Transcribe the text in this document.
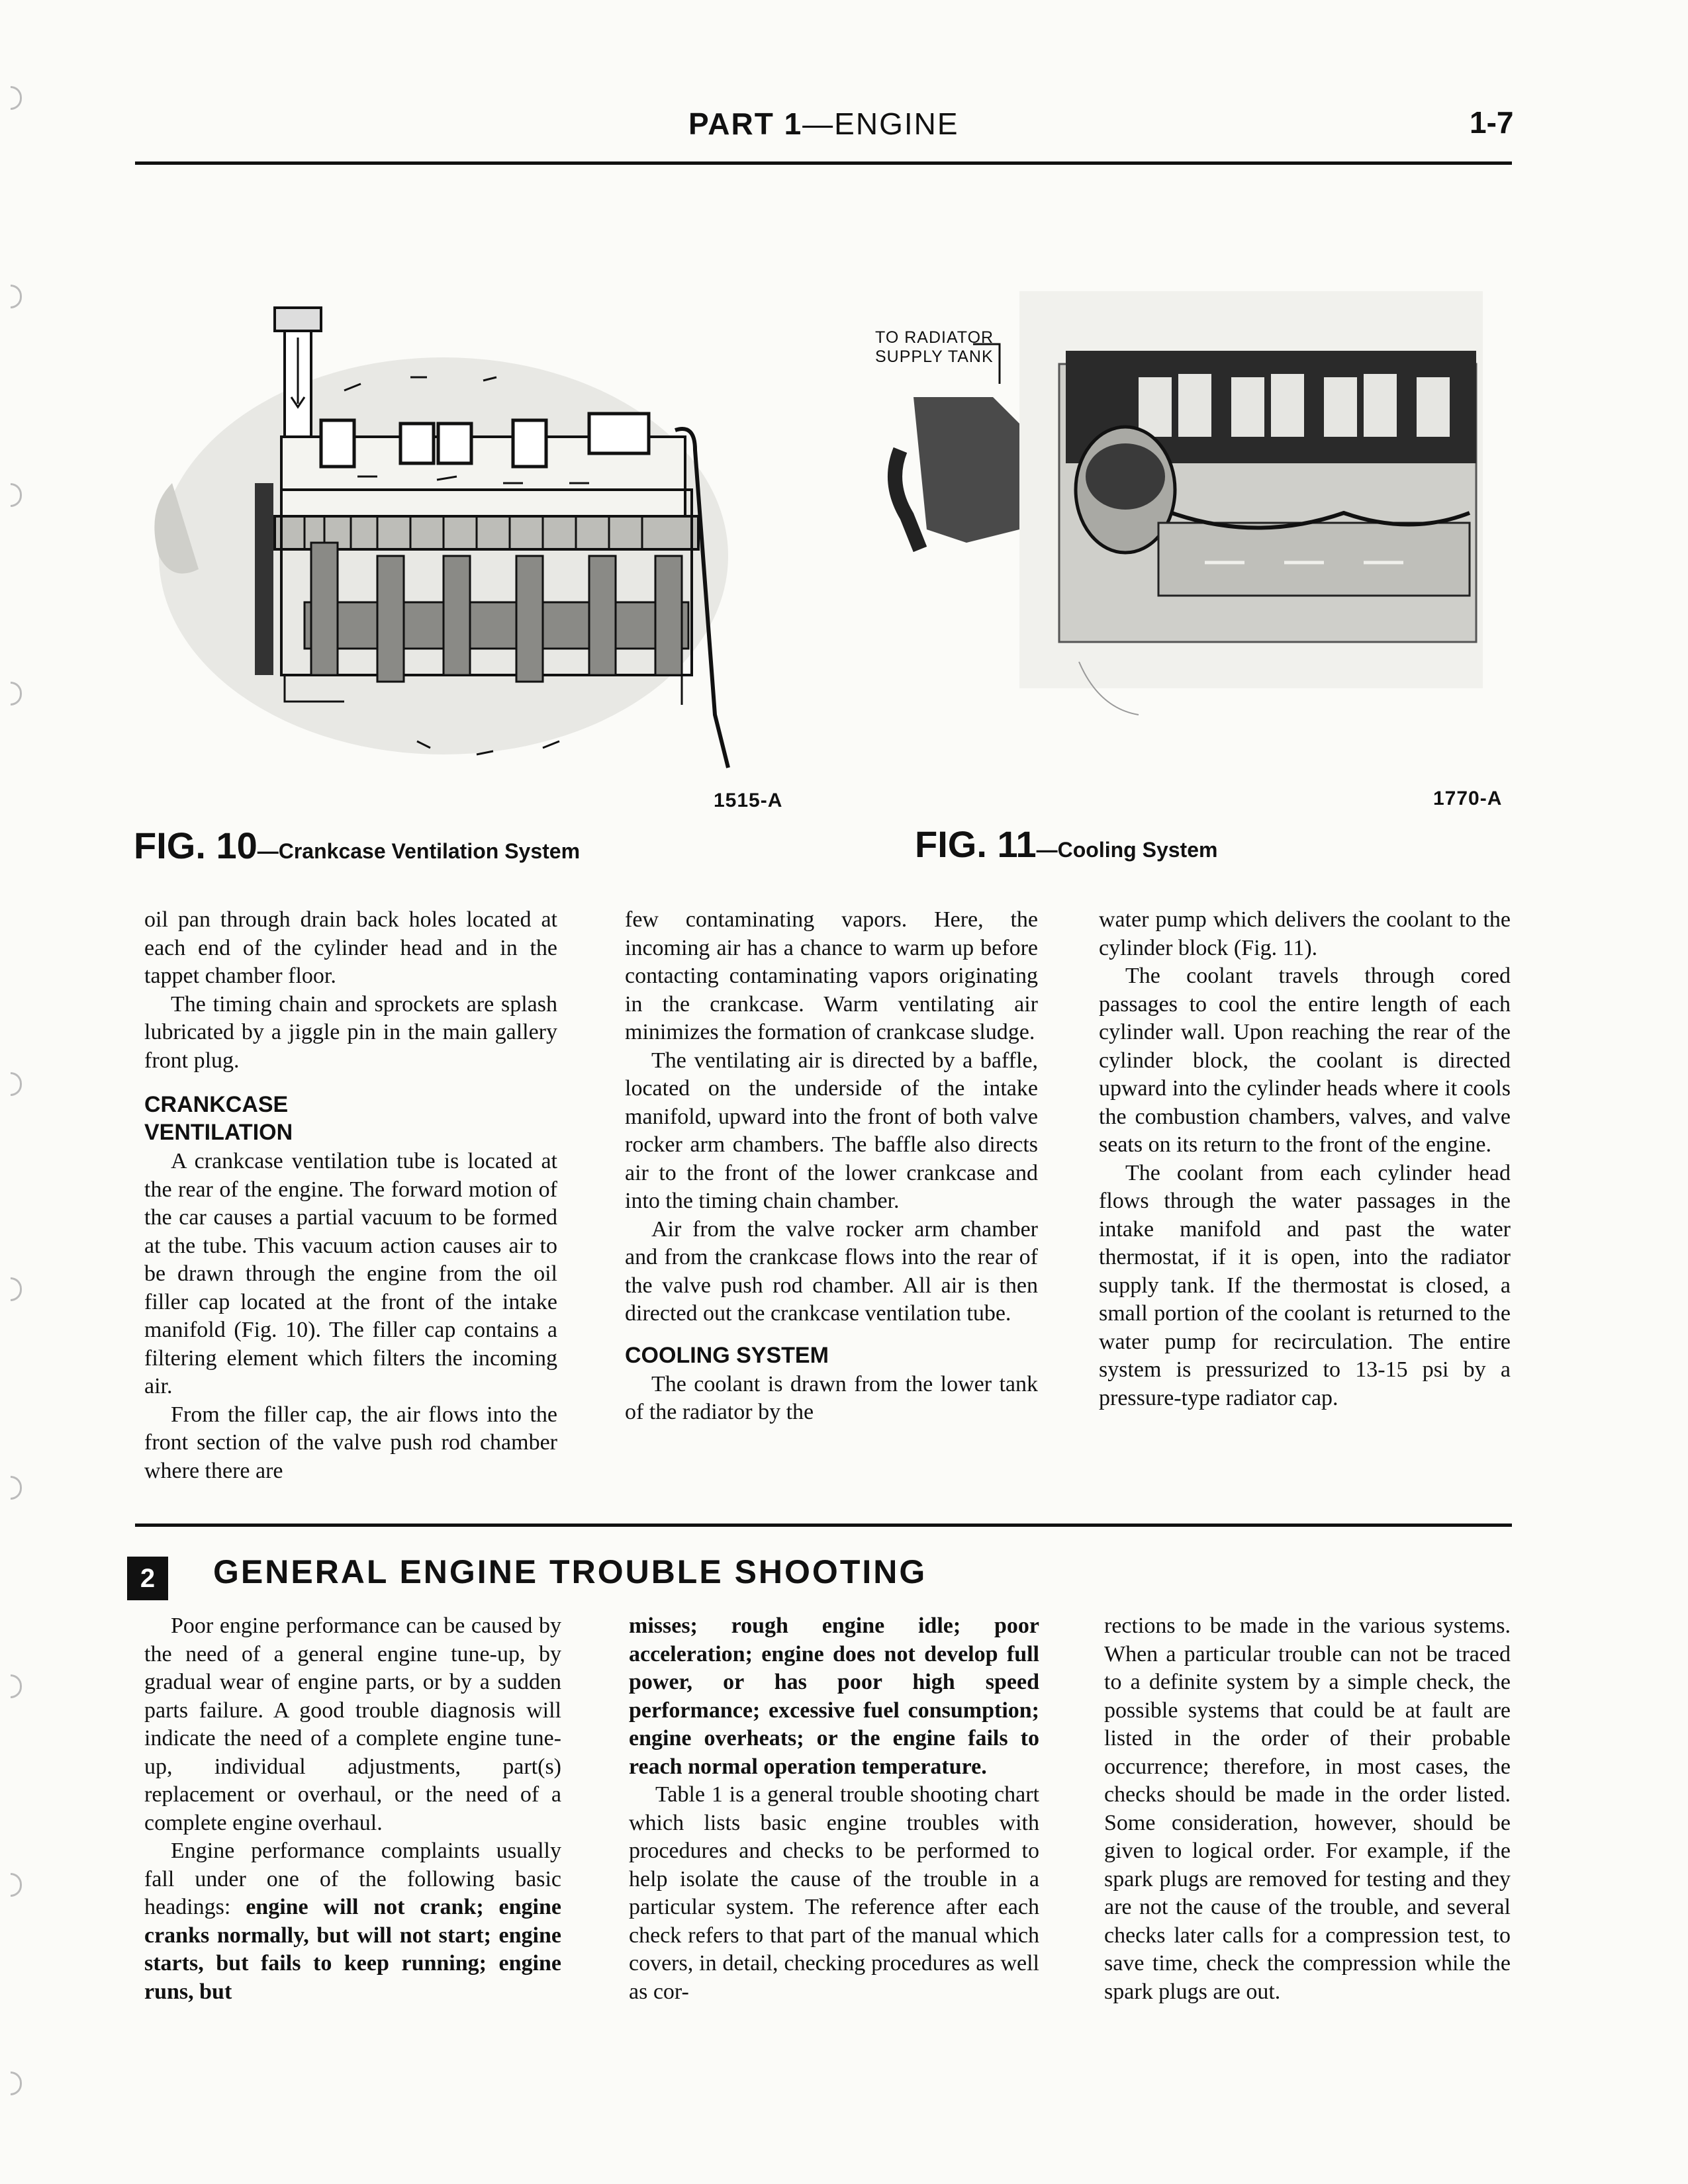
PART 1—ENGINE	1-7
1515-A
FIG. 10—Crankcase Ventilation System
TO RADIATOR
SUPPLY TANK
1770-A
FIG. 11—Cooling System

oil pan through drain back holes located at each end of the cylinder head and in the tappet chamber floor.

The timing chain and sprockets are splash lubricated by a jiggle pin in the main gallery front plug.

CRANKCASE
VENTILATION

A crankcase ventilation tube is located at the rear of the engine. The forward motion of the car causes a partial vacuum to be formed at the tube. This vacuum action causes air to be drawn through the engine from the oil filler cap located at the front of the intake manifold (Fig. 10). The filler cap contains a filtering element which filters the incoming air.

From the filler cap, the air flows into the front section of the valve push rod chamber where there are

few contaminating vapors. Here, the incoming air has a chance to warm up before contacting contaminating vapors originating in the crankcase. Warm ventilating air minimizes the formation of crankcase sludge.

The ventilating air is directed by a baffle, located on the underside of the intake manifold, upward into the front of both valve rocker arm chambers. The baffle also directs air to the front of the lower crankcase and into the timing chain chamber.

Air from the valve rocker arm chamber and from the crankcase flows into the rear of the valve push rod chamber. All air is then directed out the crankcase ventilation tube.

COOLING SYSTEM

The coolant is drawn from the lower tank of the radiator by the

water pump which delivers the coolant to the cylinder block (Fig. 11).

The coolant travels through cored passages to cool the entire length of each cylinder wall. Upon reaching the rear of the cylinder block, the coolant is directed upward into the cylinder heads where it cools the combustion chambers, valves, and valve seats on its return to the front of the engine.

The coolant from each cylinder head flows through the water passages in the intake manifold and past the water thermostat, if it is open, into the radiator supply tank. If the thermostat is closed, a small portion of the coolant is returned to the water pump for recirculation. The entire system is pressurized to 13-15 psi by a pressure-type radiator cap.

2	GENERAL ENGINE TROUBLE SHOOTING

Poor engine performance can be caused by the need of a general engine tune-up, by gradual wear of engine parts, or by a sudden parts failure. A good trouble diagnosis will indicate the need of a complete engine tune-up, individual adjustments, part(s) replacement or overhaul, or the need of a complete engine overhaul.

Engine performance complaints usually fall under one of the following basic headings: engine will not crank; engine cranks normally, but will not start; engine starts, but fails to keep running; engine runs, but

misses; rough engine idle; poor acceleration; engine does not develop full power, or has poor high speed performance; excessive fuel consumption; engine overheats; or the engine fails to reach normal operation temperature.

Table 1 is a general trouble shooting chart which lists basic engine troubles with procedures and checks to be performed to help isolate the cause of the trouble in a particular system. The reference after each check refers to that part of the manual which covers, in detail, checking procedures as well as cor-

rections to be made in the various systems. When a particular trouble can not be traced to a definite system by a simple check, the possible systems that could be at fault are listed in the order of their probable occurrence; therefore, in most cases, the checks should be made in the order listed. Some consideration, however, should be given to logical order. For example, if the spark plugs are removed for testing and they are not the cause of the trouble, and several checks later calls for a compression test, to save time, check the compression while the spark plugs are out.
